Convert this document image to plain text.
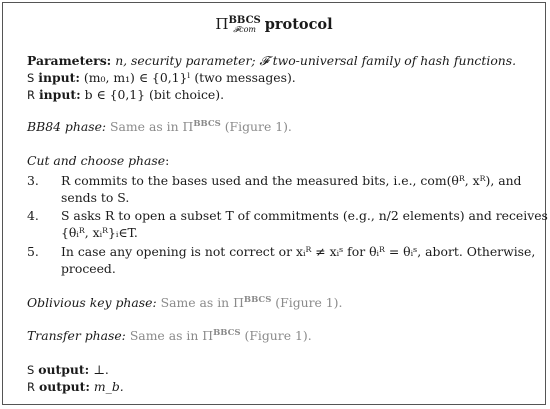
Π BBCS
𝓕com protocol
Parameters: n, security parameter; 𝓕 two-universal family of hash functions.
S input: (m₀, m₁) ∈ {0,1}ˡ (two messages).
R input: b ∈ {0,1} (bit choice).
BB84 phase: Same as in $\Pi^{BBCS}$ (Figure 1).
Cut and choose phase:
3. R commits to the bases used and the measured bits, i.e., com(θᴿ, xᴿ), and
sends to S.
4. S asks R to open a subset T of commitments (e.g., n/2 elements) and receives
{θᵢᴿ, xᵢᴿ}ᵢ∈T.
5. In case any opening is not correct or xᵢᴿ ≠ xᵢˢ for θᵢᴿ = θᵢˢ, abort. Otherwise,
proceed.
Oblivious key phase: Same as in $\Pi^{BBCS}$ (Figure 1).
Transfer phase: Same as in $\Pi^{BBCS}$ (Figure 1).
S output: ⊥.
R output: m_b.
